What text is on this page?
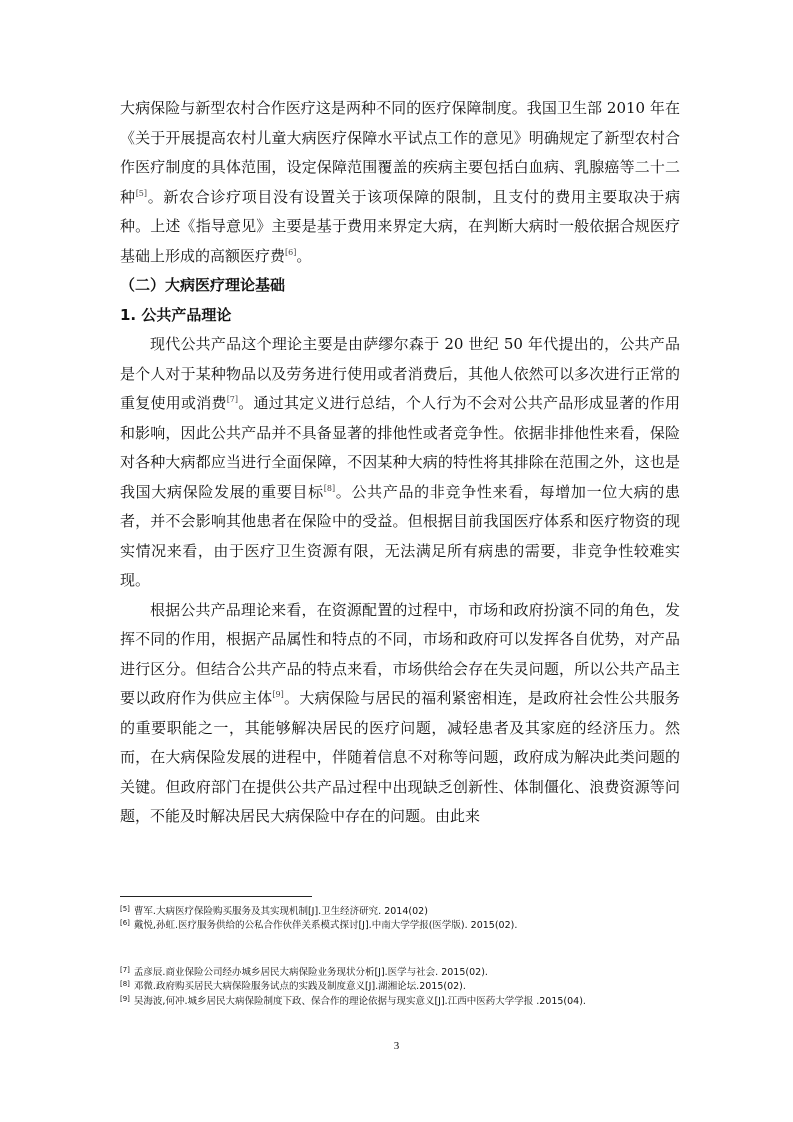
大病保险与新型农村合作医疗这是两种不同的医疗保障制度。我国卫生部 2010 年在《关于开展提高农村儿童大病医疗保障水平试点工作的意见》明确规定了新型农村合作医疗制度的具体范围，设定保障范围覆盖的疾病主要包括白血病、乳腺癌等二十二种[5]。新农合诊疗项目没有设置关于该项保障的限制，且支付的费用主要取决于病种。上述《指导意见》主要是基于费用来界定大病，在判断大病时一般依据合规医疗基础上形成的高额医疗费[6]。

（二）大病医疗理论基础

1. 公共产品理论

现代公共产品这个理论主要是由萨缪尔森于 20 世纪 50 年代提出的，公共产品是个人对于某种物品以及劳务进行使用或者消费后，其他人依然可以多次进行正常的重复使用或消费[7]。通过其定义进行总结，个人行为不会对公共产品形成显著的作用和影响，因此公共产品并不具备显著的排他性或者竞争性。依据非排他性来看，保险对各种大病都应当进行全面保障，不因某种大病的特性将其排除在范围之外，这也是我国大病保险发展的重要目标[8]。公共产品的非竞争性来看，每增加一位大病的患者，并不会影响其他患者在保险中的受益。但根据目前我国医疗体系和医疗物资的现实情况来看，由于医疗卫生资源有限，无法满足所有病患的需要，非竞争性较难实现。

根据公共产品理论来看，在资源配置的过程中，市场和政府扮演不同的角色，发挥不同的作用，根据产品属性和特点的不同，市场和政府可以发挥各自优势，对产品进行区分。但结合公共产品的特点来看，市场供给会存在失灵问题，所以公共产品主要以政府作为供应主体[9]。大病保险与居民的福利紧密相连，是政府社会性公共服务的重要职能之一，其能够解决居民的医疗问题，减轻患者及其家庭的经济压力。然而，在大病保险发展的进程中，伴随着信息不对称等问题，政府成为解决此类问题的关键。但政府部门在提供公共产品过程中出现缺乏创新性、体制僵化、浪费资源等问题，不能及时解决居民大病保险中存在的问题。由此来

[5] 曹军.大病医疗保险购买服务及其实现机制[J].卫生经济研究. 2014(02)
[6] 戴悦,孙虹.医疗服务供给的公私合作伙伴关系模式探讨[J].中南大学学报(医学版). 2015(02).
[7] 孟彦辰.商业保险公司经办城乡居民大病保险业务现状分析[J].医学与社会. 2015(02).
[8] 邓微.政府购买居民大病保险服务试点的实践及制度意义[J].湖湘论坛.2015(02).
[9] 吴海波,何冲.城乡居民大病保险制度下政、保合作的理论依据与现实意义[J].江西中医药大学学报 .2015(04).
3
